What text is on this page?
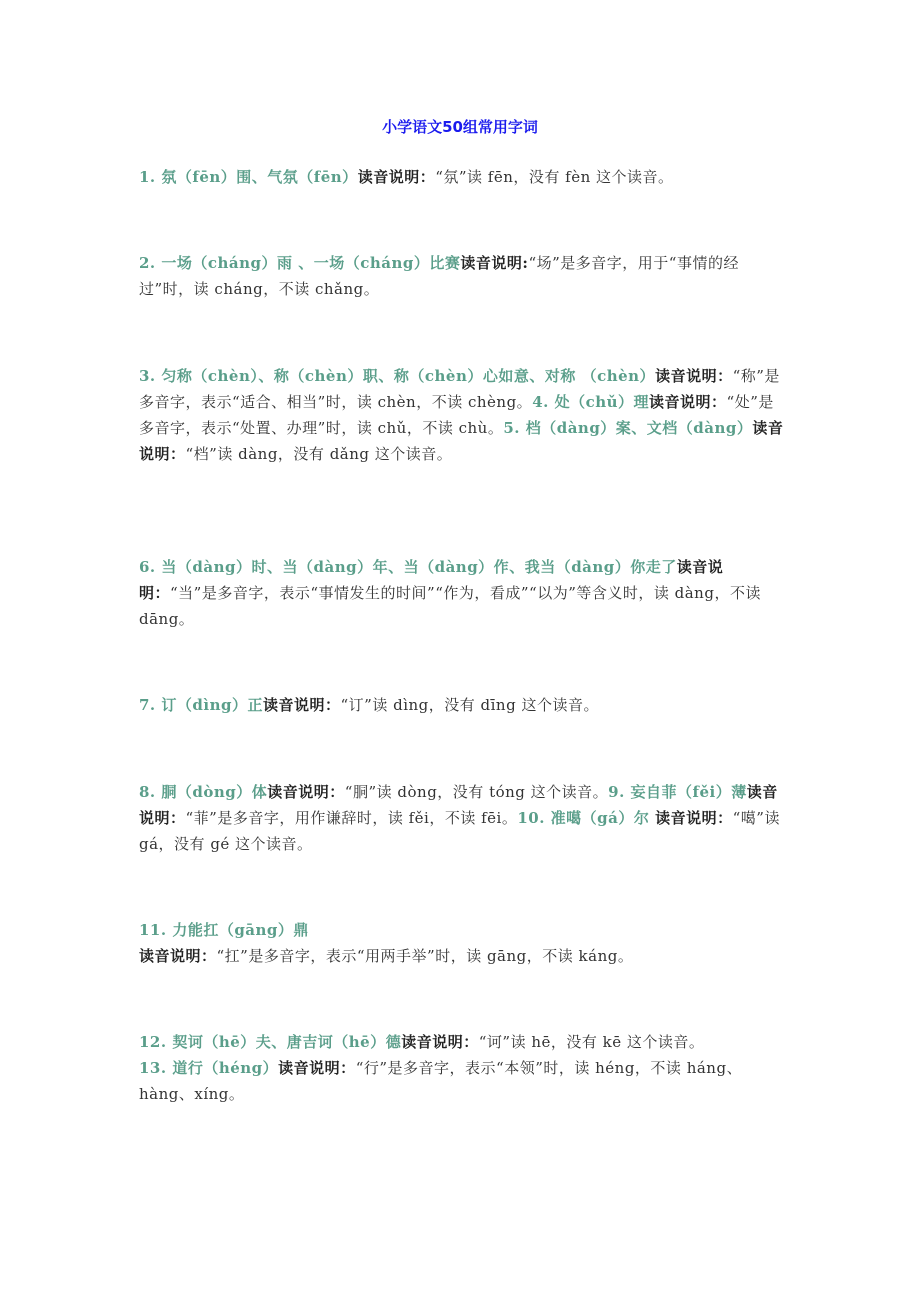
小学语文50组常用字词
1. 氛（fēn）围、气氛（fēn）读音说明：“氛”读 fēn，没有 fèn 这个读音。
2. 一场（cháng）雨 、一场（cháng）比赛读音说明:“场”是多音字，用于“事情的经过”时，读 cháng，不读 chǎng。
3. 匀称（chèn）、称（chèn）职、称（chèn）心如意、对称 （chèn）读音说明：“称”是多音字，表示“适合、相当”时，读 chèn，不读 chèng。4. 处（chǔ）理读音说明：“处”是多音字，表示“处置、办理”时，读 chǔ，不读 chù。5. 档（dàng）案、文档（dàng）读音说明：“档”读 dàng，没有 dǎng 这个读音。
6. 当（dàng）时、当（dàng）年、当（dàng）作、我当（dàng）你走了读音说明：“当”是多音字，表示“事情发生的时间”“作为，看成”“以为”等含义时，读 dàng，不读 dāng。
7. 订（dìng）正读音说明：“订”读 dìng，没有 dīng 这个读音。
8. 胴（dòng）体读音说明：“胴”读 dòng，没有 tóng 这个读音。9. 妄自菲（fěi）薄读音说明：“菲”是多音字，用作谦辞时，读 fěi，不读 fēi。10. 准噶（gá）尔 读音说明：“噶”读 gá，没有 gé 这个读音。
11. 力能扛（gāng）鼎
读音说明：“扛”是多音字，表示“用两手举”时，读 gāng，不读 káng。
12. 契诃（hē）夫、唐吉诃（hē）德读音说明：“诃”读 hē，没有 kē 这个读音。
13. 道行（héng）读音说明：“行”是多音字，表示“本领”时，读 héng，不读 háng、hàng、xíng。
